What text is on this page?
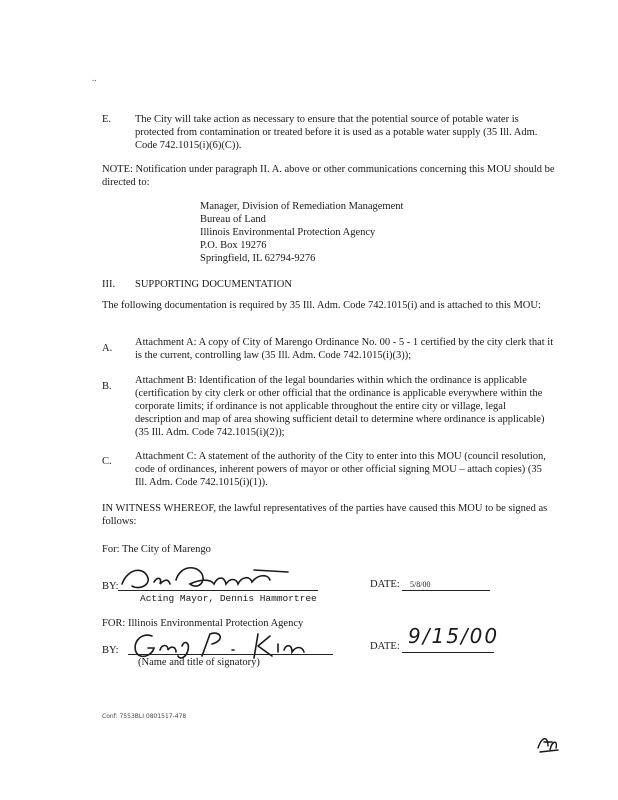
..
E. The City will take action as necessary to ensure that the potential source of potable water is protected from contamination or treated before it is used as a potable water supply (35 Ill. Adm. Code 742.1015(i)(6)(C)).
NOTE: Notification under paragraph II. A. above or other communications concerning this MOU should be directed to:
Manager, Division of Remediation Management
Bureau of Land
Illinois Environmental Protection Agency
P.O. Box 19276
Springfield, IL 62794-9276
III. SUPPORTING DOCUMENTATION
The following documentation is required by 35 Ill. Adm. Code 742.1015(i) and is attached to this MOU:
A.
Attachment A: A copy of City of Marengo Ordinance No. 00 - 5 - 1 certified by the city clerk that it is the current, controlling law (35 Ill. Adm. Code 742.1015(i)(3));
B.
Attachment B: Identification of the legal boundaries within which the ordinance is applicable (certification by city clerk or other official that the ordinance is applicable everywhere within the corporate limits; if ordinance is not applicable throughout the entire city or village, legal description and map of area showing sufficient detail to determine where ordinance is applicable) (35 Ill. Adm. Code 742.1015(i)(2));
C. Attachment C: A statement of the authority of the City to enter into this MOU (council resolution, code of ordinances, inherent powers of mayor or other official signing MOU – attach copies) (35 Ill. Adm. Code 742.1015(i)(1)).
IN WITNESS WHEREOF, the lawful representatives of the parties have caused this MOU to be signed as follows:
For: The City of Marengo
BY:
Acting Mayor, Dennis Hammortree
DATE: 5/8/00
FOR: Illinois Environmental Protection Agency
BY:
(Name and title of signatory)
DATE: 9/15/00
Conf: 7553BLI 0801517-478
